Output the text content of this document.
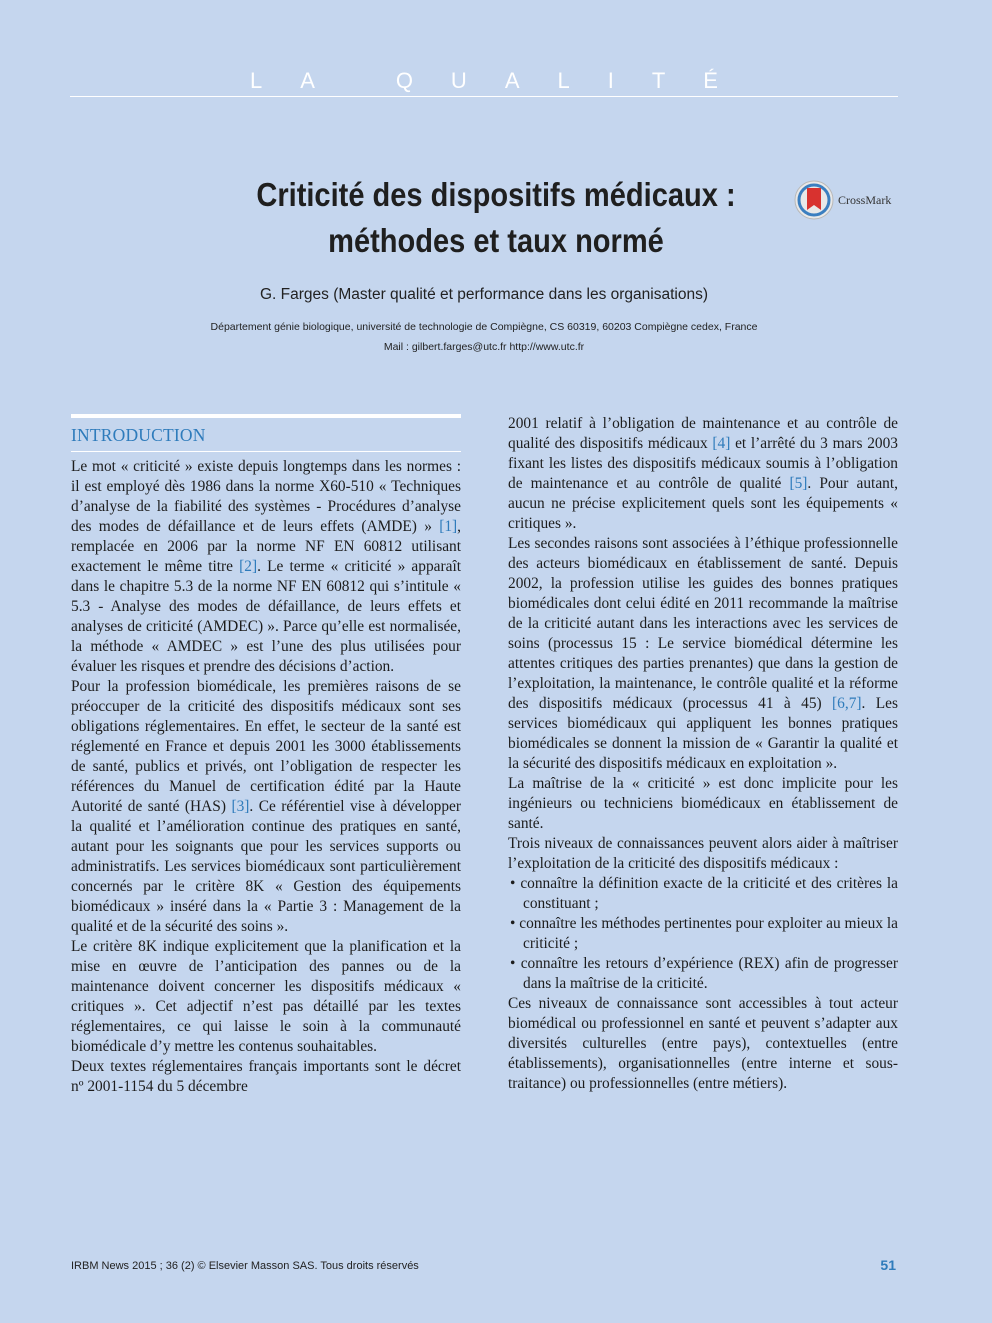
LA QUALITÉ
Criticité des dispositifs médicaux :
méthodes et taux normé
CrossMark
G. Farges (Master qualité et performance dans les organisations)
Département génie biologique, université de technologie de Compiègne, CS 60319, 60203 Compiègne cedex, France
Mail : gilbert.farges@utc.fr http://www.utc.fr
INTRODUCTION

Le mot « criticité » existe depuis longtemps dans les normes : il est employé dès 1986 dans la norme X60-510 « Techniques d’analyse de la fiabilité des systèmes - Procédures d’analyse des modes de défaillance et de leurs effets (AMDE) » [1], remplacée en 2006 par la norme NF EN 60812 utilisant exactement le même titre [2]. Le terme « criticité » apparaît dans le chapitre 5.3 de la norme NF EN 60812 qui s’intitule « 5.3 - Analyse des modes de défaillance, de leurs effets et analyses de criticité (AMDEC) ». Parce qu’elle est normalisée, la méthode « AMDEC » est l’une des plus utilisées pour évaluer les risques et prendre des décisions d’action.

Pour la profession biomédicale, les premières raisons de se préoccuper de la criticité des dispositifs médicaux sont ses obligations réglementaires. En effet, le secteur de la santé est réglementé en France et depuis 2001 les 3000 établissements de santé, publics et privés, ont l’obligation de respecter les références du Manuel de certification édité par la Haute Autorité de santé (HAS) [3]. Ce référentiel vise à développer la qualité et l’amélioration continue des pratiques en santé, autant pour les soignants que pour les services supports ou administratifs. Les services biomédicaux sont particulièrement concernés par le critère 8K « Gestion des équipements biomédicaux » inséré dans la « Partie 3 : Management de la qualité et de la sécurité des soins ».

Le critère 8K indique explicitement que la planification et la mise en œuvre de l’anticipation des pannes ou de la maintenance doivent concerner les dispositifs médicaux « critiques ». Cet adjectif n’est pas détaillé par les textes réglementaires, ce qui laisse le soin à la communauté biomédicale d’y mettre les contenus souhaitables.

Deux textes réglementaires français importants sont le décret nº 2001-1154 du 5 décembre

2001 relatif à l’obligation de maintenance et au contrôle de qualité des dispositifs médicaux [4] et l’arrêté du 3 mars 2003 fixant les listes des dispositifs médicaux soumis à l’obligation de maintenance et au contrôle de qualité [5]. Pour autant, aucun ne précise explicitement quels sont les équipements « critiques ».

Les secondes raisons sont associées à l’éthique professionnelle des acteurs biomédicaux en établissement de santé. Depuis 2002, la profession utilise les guides des bonnes pratiques biomédicales dont celui édité en 2011 recommande la maîtrise de la criticité autant dans les interactions avec les services de soins (processus 15 : Le service biomédical détermine les attentes critiques des parties prenantes) que dans la gestion de l’exploitation, la maintenance, le contrôle qualité et la réforme des dispositifs médicaux (processus 41 à 45) [6,7]. Les services biomédicaux qui appliquent les bonnes pratiques biomédicales se donnent la mission de « Garantir la qualité et la sécurité des dispositifs médicaux en exploitation ».

La maîtrise de la « criticité » est donc implicite pour les ingénieurs ou techniciens biomédicaux en établissement de santé.

Trois niveaux de connaissances peuvent alors aider à maîtriser l’exploitation de la criticité des dispositifs médicaux :

• connaître la définition exacte de la criticité et des critères la constituant ;
• connaître les méthodes pertinentes pour exploiter au mieux la criticité ;
• connaître les retours d’expérience (REX) afin de progresser dans la maîtrise de la criticité.

Ces niveaux de connaissance sont accessibles à tout acteur biomédical ou professionnel en santé et peuvent s’adapter aux diversités culturelles (entre pays), contextuelles (entre établissements), organisationnelles (entre interne et sous-traitance) ou professionnelles (entre métiers).

IRBM News 2015 ; 36 (2) © Elsevier Masson SAS. Tous droits réservés	51
